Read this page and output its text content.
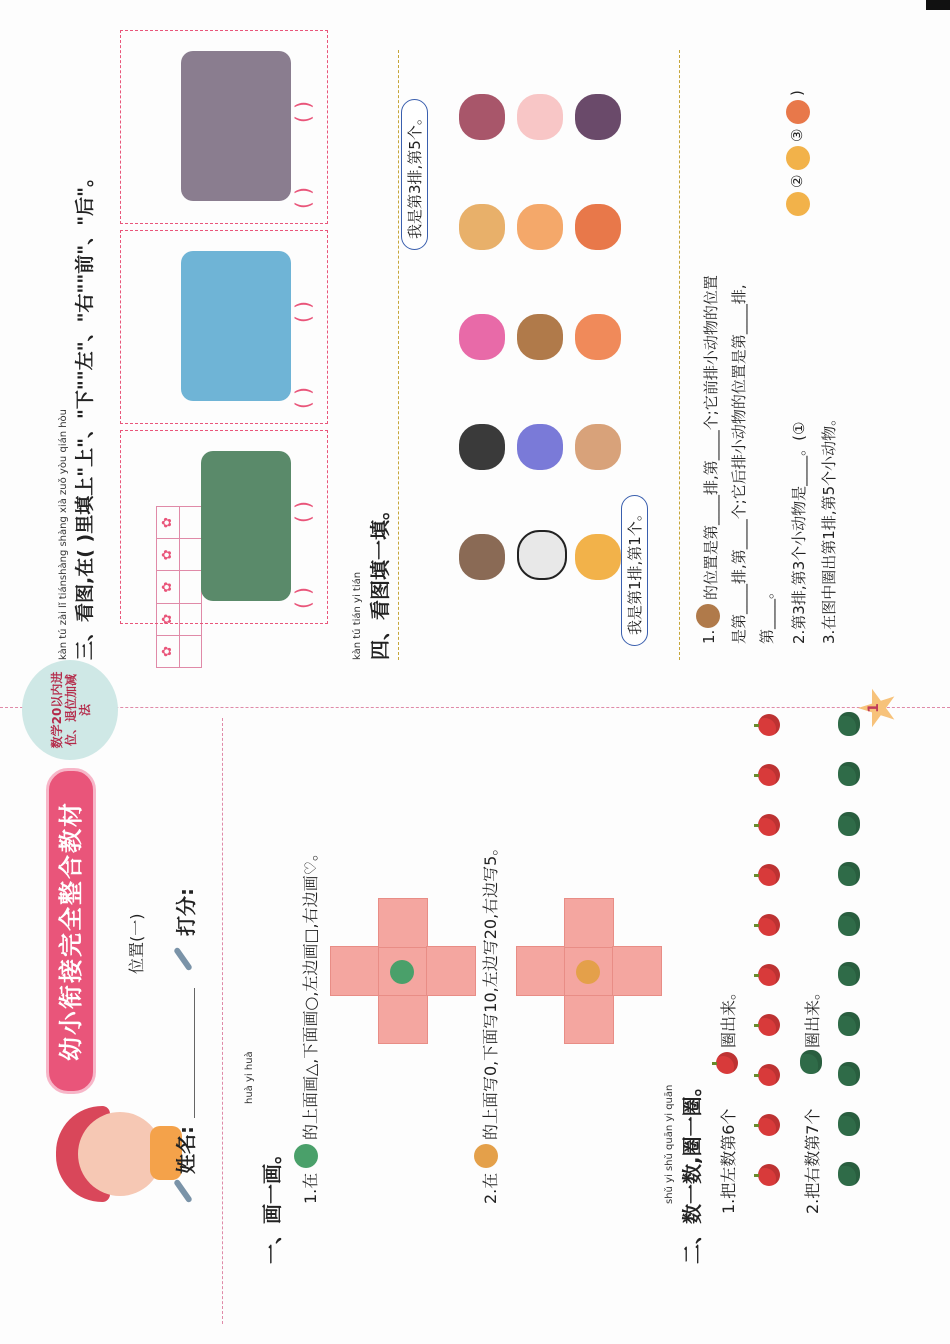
1
幼小衔接完全整合教材
数学20以内进位、退位加减法
姓名:
打分:
位置(一)
✿
✿
✿
✿
✿
huà yi huà
一、画一画。 1.在
的上面画△,下面画○,左边画□,右边画♡。
2.在
的上面写0,下面写10,左边写20,右边写5。
shǔ yi shǔ quān yi quān 二、数一数,圈一圈。 1.把左数第6个
圈出来。
2.把右数第7个
圈出来。
kàn tú zài lǐ tiánshàng shàng xià zuǒ yòu qián hòu 三、看图,在( )里填上"上"、"下""左"、"右""前"、"后"。	( )
( )
( )
( )
( )
( )
kàn tú tián yi tián 四、看图填一填。	我是第1排,第1个。
我是第3排,第5个。
1.
的位置是第____排,第____个;它前排小动物的位置 是第____排,第____个;它后排小动物的位置是第____排, 第____。 2.第3排,第3个小动物是____。(①
②
③
)
3.在图中圈出第1排,第5个小动物。
